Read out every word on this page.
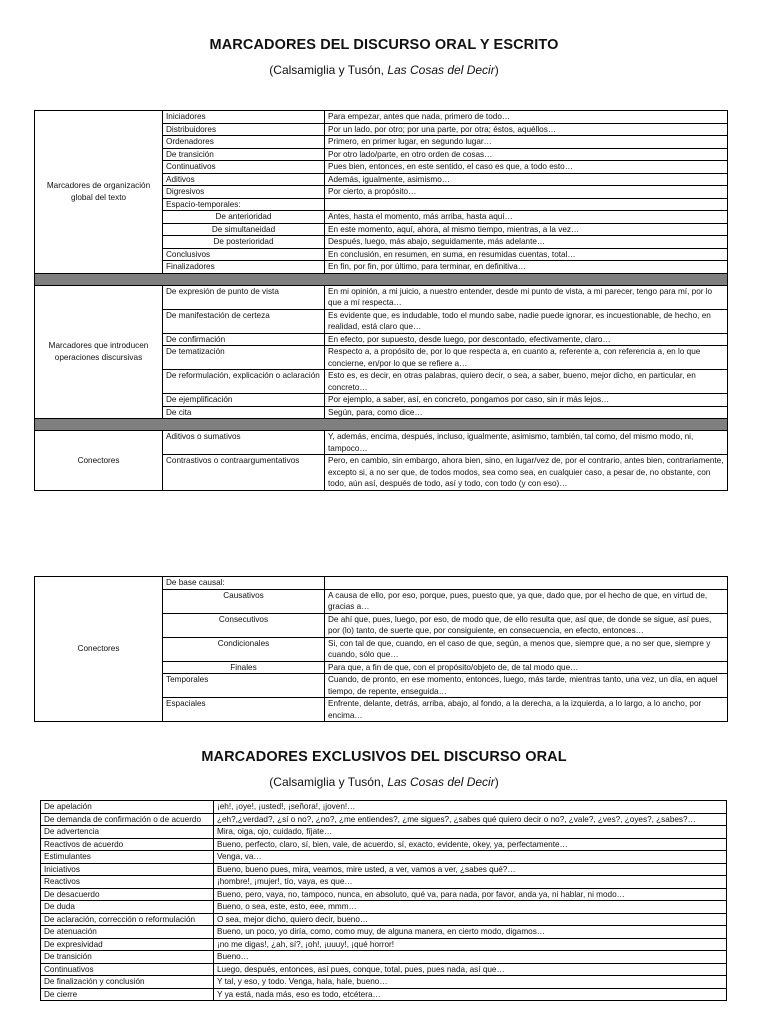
MARCADORES DEL DISCURSO ORAL Y ESCRITO
(Calsamiglia y Tusón, Las Cosas del Decir)
Marcadores de organización global del texto	Iniciadores	Para empezar, antes que nada, primero de todo…
	Distribuidores	Por un lado, por otro; por una parte, por otra; éstos, aquéllos…
	Ordenadores	Primero, en primer lugar, en segundo lugar…
	De transición	Por otro lado/parte, en otro orden de cosas…
	Continuativos	Pues bien, entonces, en este sentido, el caso es que, a todo esto…
	Aditivos	Además, igualmente, asimismo…
	Digresivos	Por cierto, a propósito…
	Espacio-temporales:	
	De anterioridad	Antes, hasta el momento, más arriba, hasta aquí…
	De simultaneidad	En este momento, aquí, ahora, al mismo tiempo, mientras, a la vez…
	De posterioridad	Después, luego, más abajo, seguidamente, más adelante…
	Conclusivos	En conclusión, en resumen, en suma, en resumidas cuentas, total…
	Finalizadores	En fin, por fin, por último, para terminar, en definitiva…

Marcadores que introducen operaciones discursivas	De expresión de punto de vista	En mi opinión, a mi juicio, a nuestro entender, desde mi punto de vista, a mi parecer, tengo para mí, por lo que a mí respecta…
	De manifestación de certeza	Es evidente que, es indudable, todo el mundo sabe, nadie puede ignorar, es incuestionable, de hecho, en realidad, está claro que…
	De confirmación	En efecto, por supuesto, desde luego, por descontado, efectivamente, claro…
	De tematización	Respecto a, a propósito de, por lo que respecta a, en cuanto a, referente a, con referencia a, en lo que concierne, en/por lo que se refiere a…
	De reformulación, explicación o aclaración	Esto es, es decir, en otras palabras, quiero decir, o sea, a saber, bueno, mejor dicho, en particular, en concreto…
	De ejemplificación	Por ejemplo, a saber, así, en concreto, pongamos por caso, sin ir más lejos…
	De cita	Según, para, como dice…

Conectores	Aditivos o sumativos	Y, además, encima, después, incluso, igualmente, asimismo, también, tal como, del mismo modo, ni, tampoco…
	Contrastivos o contraargumentativos	Pero, en cambio, sin embargo, ahora bien, sino, en lugar/vez de, por el contrario, antes bien, contrariamente, excepto si, a no ser que, de todos modos, sea como sea, en cualquier caso, a pesar de, no obstante, con todo, aún así, después de todo, así y todo, con todo (y con eso)…
Conectores	De base causal:	
	Causativos	A causa de ello, por eso, porque, pues, puesto que, ya que, dado que, por el hecho de que, en virtud de, gracias a…
	Consecutivos	De ahí que, pues, luego, por eso, de modo que, de ello resulta que, así que, de donde se sigue, así pues, por (lo) tanto, de suerte que, por consiguiente, en consecuencia, en efecto, entonces…
	Condicionales	Si, con tal de que, cuando, en el caso de que, según, a menos que, siempre que, a no ser que, siempre y cuando, sólo que…
	Finales	Para que, a fin de que, con el propósito/objeto de, de tal modo que…
	Temporales	Cuando, de pronto, en ese momento, entonces, luego, más tarde, mientras tanto, una vez, un día, en aquel tiempo, de repente, enseguida…
	Espaciales	Enfrente, delante, detrás, arriba, abajo, al fondo, a la derecha, a la izquierda, a lo largo, a lo ancho, por encima…
MARCADORES EXCLUSIVOS DEL DISCURSO ORAL
(Calsamiglia y Tusón, Las Cosas del Decir)
De apelación	¡eh!, ¡oye!, ¡usted!, ¡señora!, ¡joven!…
De demanda de confirmación o de acuerdo	¿eh?,¿verdad?, ¿sí o no?, ¿no?, ¿me entiendes?, ¿me sigues?, ¿sabes qué quiero decir o no?, ¿vale?, ¿ves?, ¿oyes?, ¿sabes?…
De advertencia	Mira, oiga, ojo, cuidado, fíjate…
Reactivos de acuerdo	Bueno, perfecto, claro, sí, bien, vale, de acuerdo, sí, exacto, evidente, okey, ya, perfectamente…
Estimulantes	Venga, va…
Iniciativos	Bueno, bueno pues, mira, veamos, mire usted, a ver, vamos a ver, ¿sabes qué?…
Reactivos	¡hombre!, ¡mujer!, tío, vaya, es que…
De desacuerdo	Bueno, pero, vaya, no, tampoco, nunca, en absoluto, qué va, para nada, por favor, anda ya, ni hablar, ni modo…
De duda	Bueno, o sea, este, esto, eee, mmm…
De aclaración, corrección o reformulación	O sea, mejor dicho, quiero decir, bueno…
De atenuación	Bueno, un poco, yo diría, como, como muy, de alguna manera, en cierto modo, digamos…
De expresividad	¡no me digas!, ¿ah, sí?, ¡oh!, ¡uuuy!, ¡qué horror!
De transición	Bueno…
Continuativos	Luego, después, entonces, así pues, conque, total, pues, pues nada, así que…
De finalización y conclusión	Y tal, y eso, y todo. Venga, hala, hale, bueno…
De cierre	Y ya está, nada más, eso es todo, etcétera…
